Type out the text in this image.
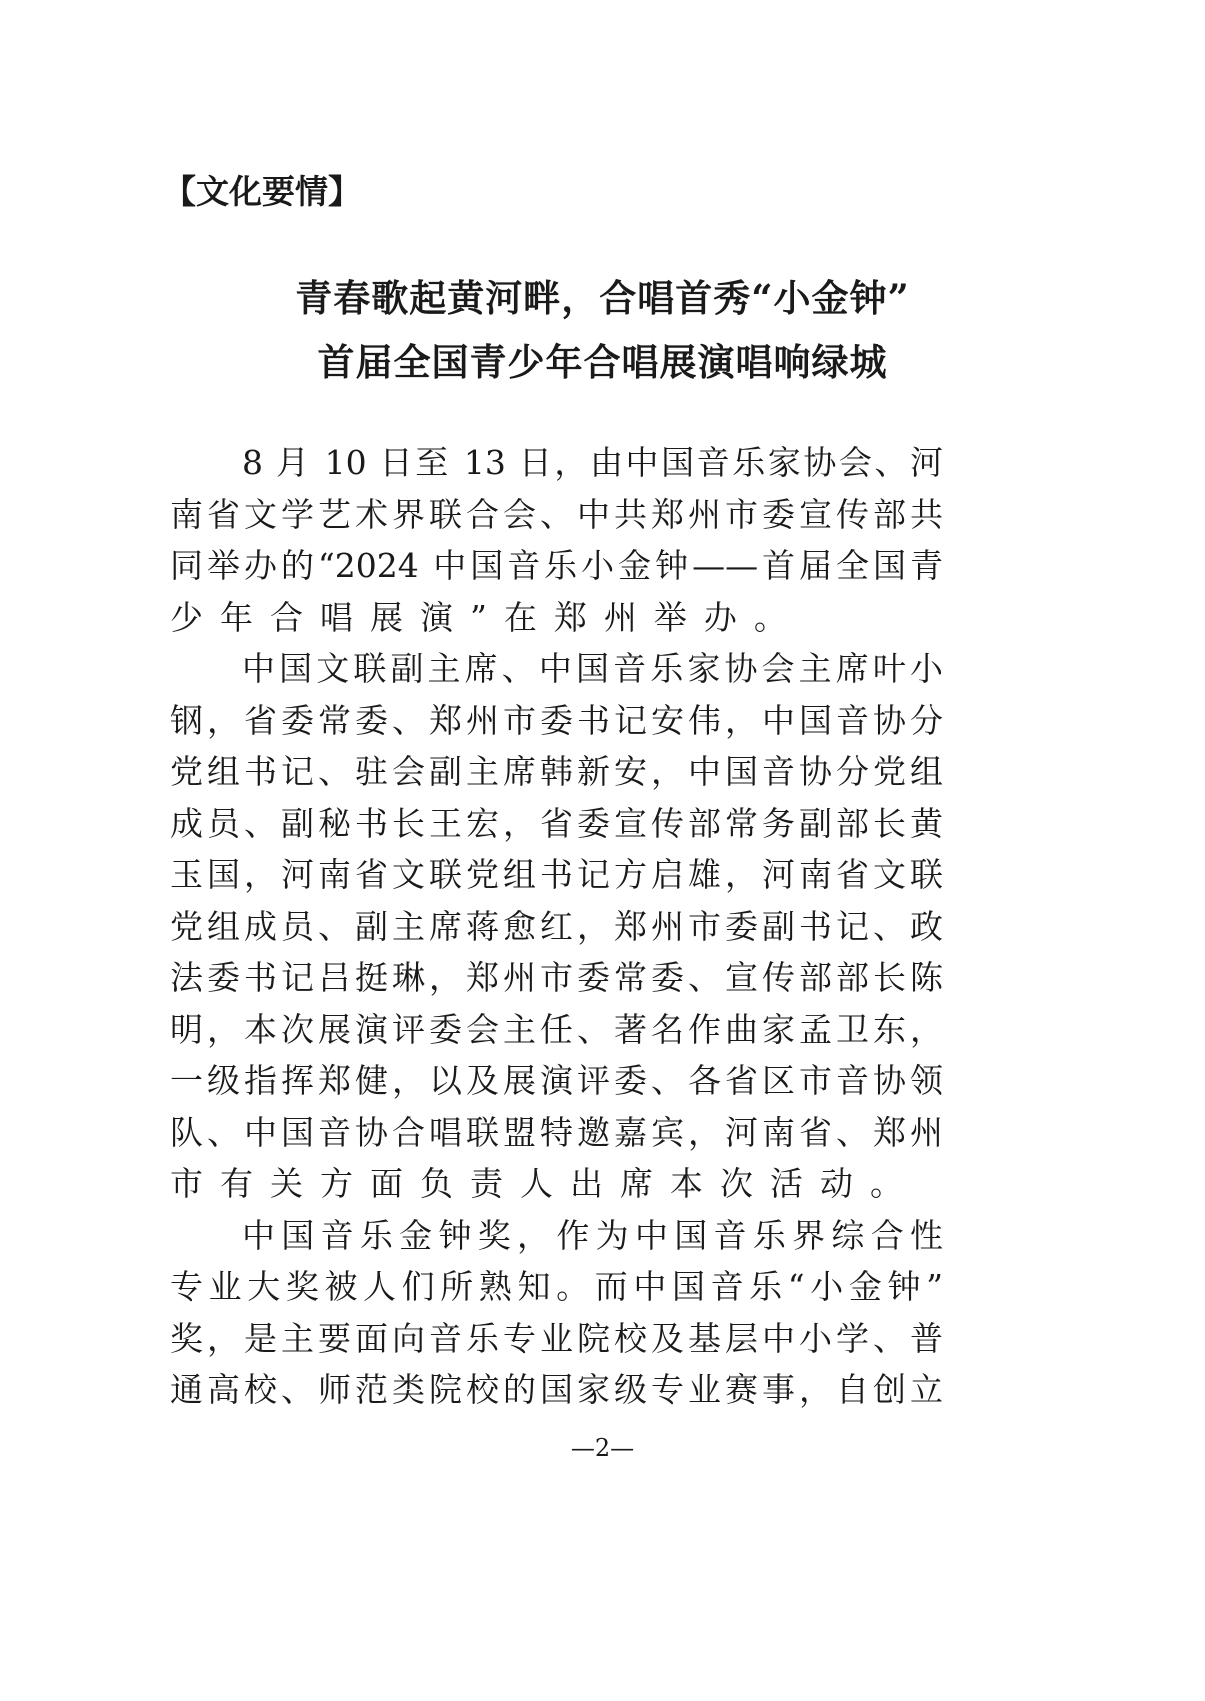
【文化要情】
青春歌起黄河畔，合唱首秀“小金钟”
首届全国青少年合唱展演唱响绿城
8 月 10 日至 13 日，由中国音乐家协会、河
南省文学艺术界联合会、中共郑州市委宣传部共
同举办的“2024 中国音乐小金钟——首届全国青
少年合唱展演”在郑州举办。
中国文联副主席、中国音乐家协会主席叶小
钢，省委常委、郑州市委书记安伟，中国音协分
党组书记、驻会副主席韩新安，中国音协分党组
成员、副秘书长王宏，省委宣传部常务副部长黄
玉国，河南省文联党组书记方启雄，河南省文联
党组成员、副主席蒋愈红，郑州市委副书记、政
法委书记吕挺琳，郑州市委常委、宣传部部长陈
明，本次展演评委会主任、著名作曲家孟卫东，
一级指挥郑健，以及展演评委、各省区市音协领
队、中国音协合唱联盟特邀嘉宾，河南省、郑州
市有关方面负责人出席本次活动。
中国音乐金钟奖，作为中国音乐界综合性
专业大奖被人们所熟知。而中国音乐“小金钟”
奖，是主要面向音乐专业院校及基层中小学、普
通高校、师范类院校的国家级专业赛事，自创立
—2—
